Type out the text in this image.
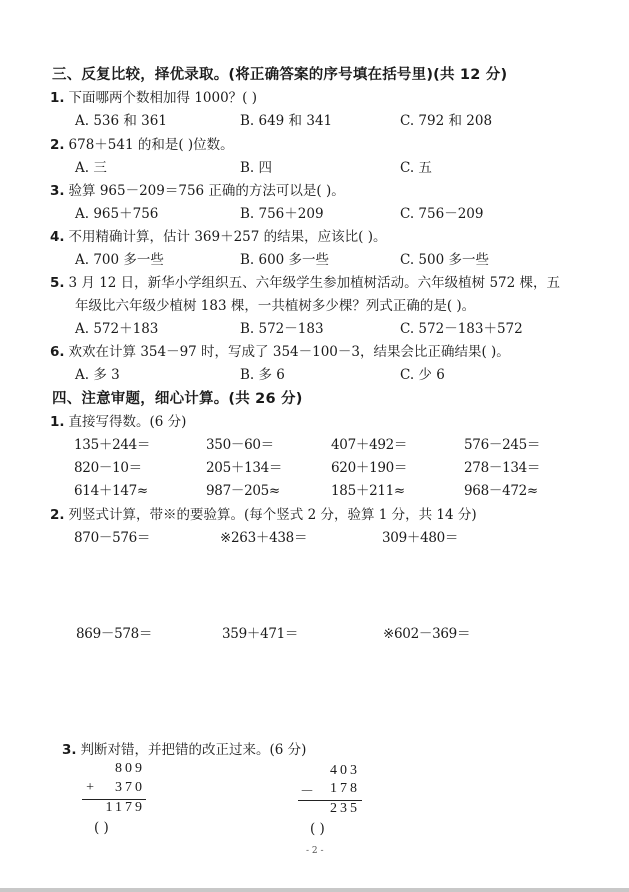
三、反复比较，择优录取。(将正确答案的序号填在括号里)(共 12 分)
1. 下面哪两个数相加得 1000？( )
A. 536 和 361	B. 649 和 341	C. 792 和 208
2. 678＋541 的和是( )位数。
A. 三	B. 四	C. 五
3. 验算 965－209＝756 正确的方法可以是( )。
A. 965＋756	B. 756＋209	C. 756－209
4. 不用精确计算，估计 369＋257 的结果，应该比( )。
A. 700 多一些	B. 600 多一些	C. 500 多一些
5. 3 月 12 日，新华小学组织五、六年级学生参加植树活动。六年级植树 572 棵，五
年级比六年级少植树 183 棵，一共植树多少棵？列式正确的是( )。
A. 572＋183	B. 572－183	C. 572－183＋572
6. 欢欢在计算 354－97 时，写成了 354－100－3，结果会比正确结果( )。
A. 多 3	B. 多 6	C. 少 6
四、注意审题，细心计算。(共 26 分)
1. 直接写得数。(6 分)
135＋244＝	350－60＝	407＋492＝	576－245＝
820－10＝	205＋134＝	620＋190＝	278－134＝
614＋147≈	987－205≈	185＋211≈	968－472≈
2. 列竖式计算，带※的要验算。(每个竖式 2 分，验算 1 分，共 14 分)
870－576＝	※263＋438＝	309＋480＝
869－578＝	359＋471＝	※602－369＝
3. 判断对错，并把错的改正过来。(6 分)
809
+	370
1179
( )
403
－	178
235
( )
- 2 -
